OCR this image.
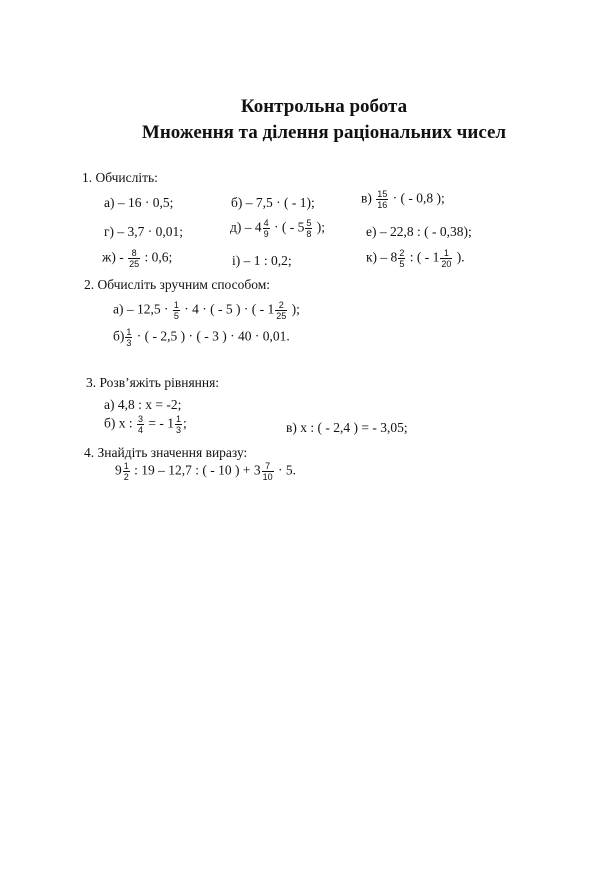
Контрольна робота
Множення та ділення раціональних чисел
1. Обчисліть:
а) – 16 · 0,5;	б) – 7,5 · ( - 1);	$в) \frac{15}{16}$ · ( - 0,8 );
г) – 3,7 · 0,01;	$д) - 4 \frac{4}{9}$ · ( - $5 \frac{5}{8}$ );	е) – 22,8 : ( - 0,38);
$ж) - \frac{8}{25}$ : 0,6;	і) – 1 : 0,2;	$к) - 8 \frac{2}{5}$ : ( - $1 \frac{1}{20}$ ).
2. Обчисліть зручним способом:
$а) - 12,5 \cdot \frac{1}{5} \cdot 4$ · ( - 5 ) · ( - $1 \frac{2}{25}$ );
$б) \frac{1}{3}$ · ( - 2,5 ) · ( - 3 ) · 40 · 0,01.
3. Розв’яжіть рівняння:
а) 4,8 : х = -2;
б) х : $\frac{3}{4}$ = - $1 \frac{1}{3}$ ;	в) х : ( - 2,4 ) = - 3,05;
4. Знайдіть значення виразу:
$9 \frac{1}{2}$ : 19 – 12,7 : ( - 10 ) + $3 \frac{7}{10} \cdot 5$.
